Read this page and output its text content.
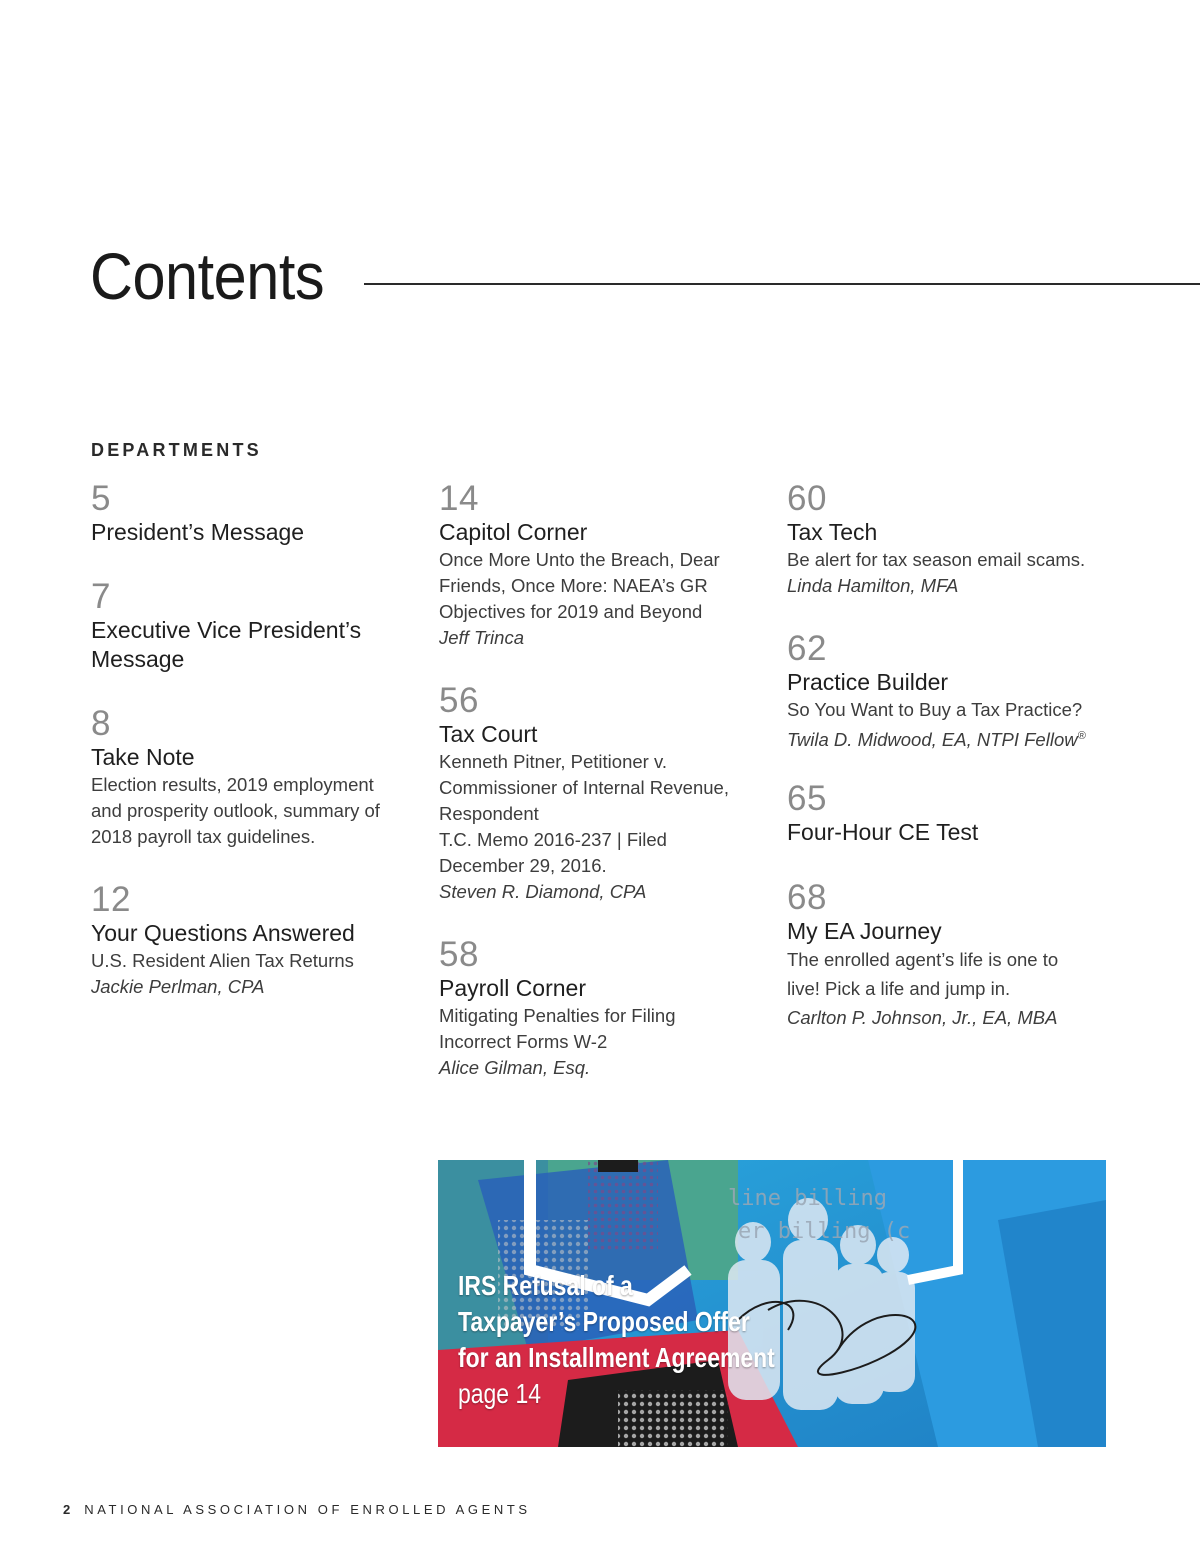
Contents
DEPARTMENTS
5
President’s Message
7
Executive Vice President’s
Message
8
Take Note
Election results, 2019 employment and prosperity outlook, summary of 2018 payroll tax guidelines.
12
Your Questions Answered
U.S. Resident Alien Tax Returns
Jackie Perlman, CPA
14
Capitol Corner
Once More Unto the Breach, Dear Friends, Once More: NAEA’s GR Objectives for 2019 and Beyond
Jeff Trinca
56
Tax Court
Kenneth Pitner, Petitioner v. Commissioner of Internal Revenue, Respondent
T.C. Memo 2016-237 | Filed December 29, 2016.
Steven R. Diamond, CPA
58
Payroll Corner
Mitigating Penalties for Filing Incorrect Forms W-2
Alice Gilman, Esq.
60
Tax Tech
Be alert for tax season email scams.
Linda Hamilton, MFA
62
Practice Builder
So You Want to Buy a Tax Practice?
Twila D. Midwood, EA, NTPI Fellow®
65
Four-Hour CE Test
68
My EA Journey
The enrolled agent’s life is one to live! Pick a life and jump in.
Carlton P. Johnson, Jr., EA, MBA
line billing
er billing (c
IRS Refusal of a
Taxpayer’s Proposed Offer
for an Installment Agreement
page 14
2 NATIONAL ASSOCIATION OF ENROLLED AGENTS
